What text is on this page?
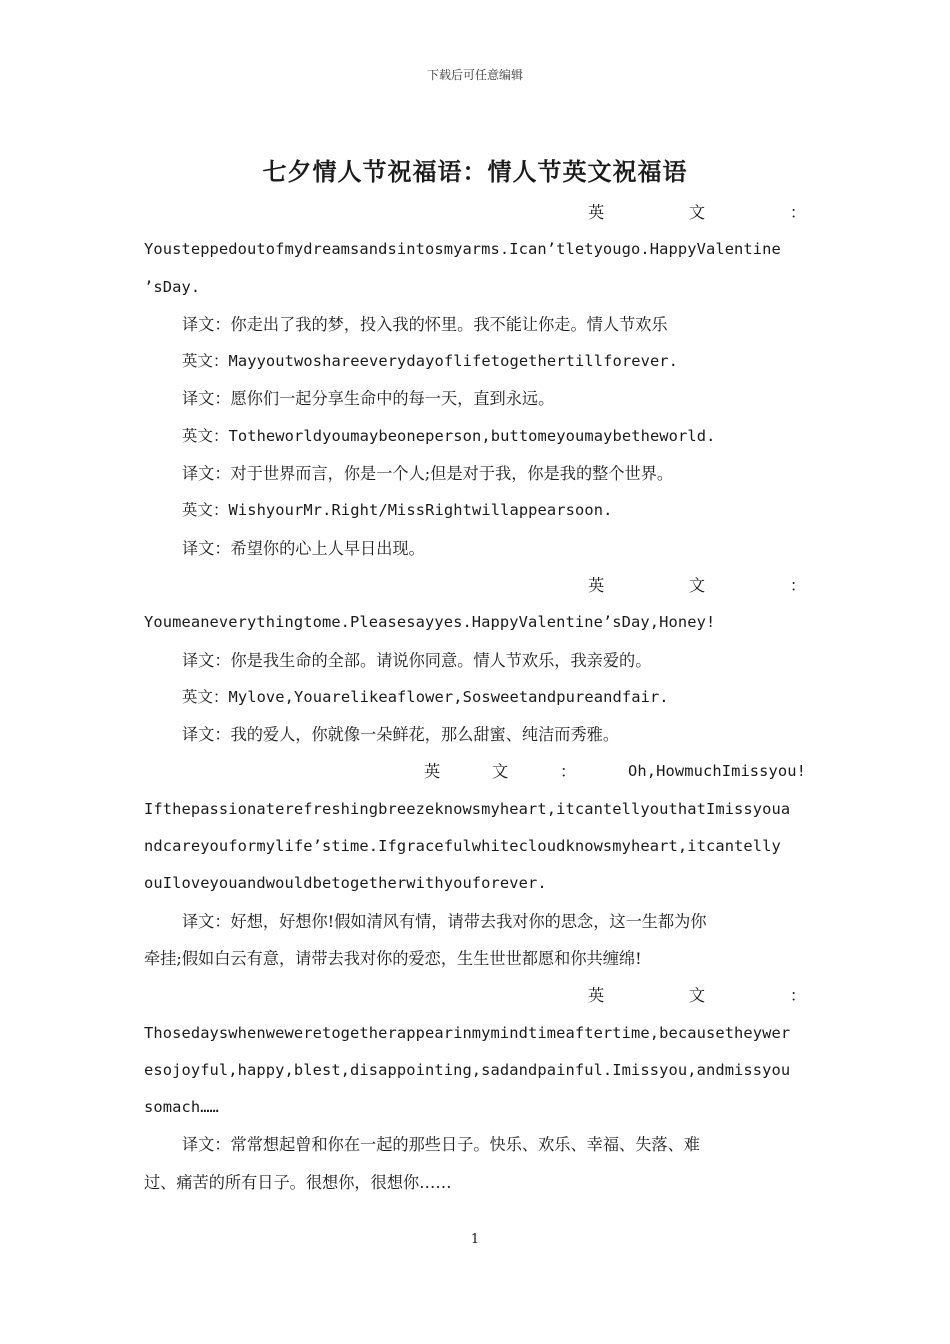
下载后可任意编辑
七夕情人节祝福语：情人节英文祝福语
英	文	：
Yousteppedoutofmydreamsandsintosmyarms.Ican’tletyougo.HappyValentine
’sDay.
译文：你走出了我的梦，投入我的怀里。我不能让你走。情人节欢乐
英文：Mayyoutwoshareeverydayoflifetogethertillforever.
译文：愿你们一起分享生命中的每一天，直到永远。
英文：Totheworldyoumaybeoneperson,buttomeyoumaybetheworld.
译文：对于世界而言，你是一个人;但是对于我，你是我的整个世界。
英文：WishyourMr.Right/MissRightwillappearsoon.
译文：希望你的心上人早日出现。
英	文	：
Youmeaneverythingtome.Pleasesayyes.HappyValentine’sDay,Honey!
译文：你是我生命的全部。请说你同意。情人节欢乐，我亲爱的。
英文：Mylove,Youarelikeaflower,Sosweetandpureandfair.
译文：我的爱人，你就像一朵鲜花，那么甜蜜、纯洁而秀雅。
英	文	：	Oh,HowmuchImissyou!
Ifthepassionaterefreshingbreezeknowsmyheart,itcantellyouthatImissyoua
ndcareyouformylife’stime.Ifgracefulwhitecloudknowsmyheart,itcantelly
ouIloveyouandwouldbetogetherwithyouforever.
译文：好想，好想你!假如清风有情，请带去我对你的思念，这一生都为你
牵挂;假如白云有意，请带去我对你的爱恋，生生世世都愿和你共缠绵!
英	文	：
Thosedayswhenweweretogetherappearinmymindtimeaftertime,becausetheywer
esojoyful,happy,blest,disappointing,sadandpainful.Imissyou,andmissyou
somach……
译文：常常想起曾和你在一起的那些日子。快乐、欢乐、幸福、失落、难
过、痛苦的所有日子。很想你，很想你……
1
